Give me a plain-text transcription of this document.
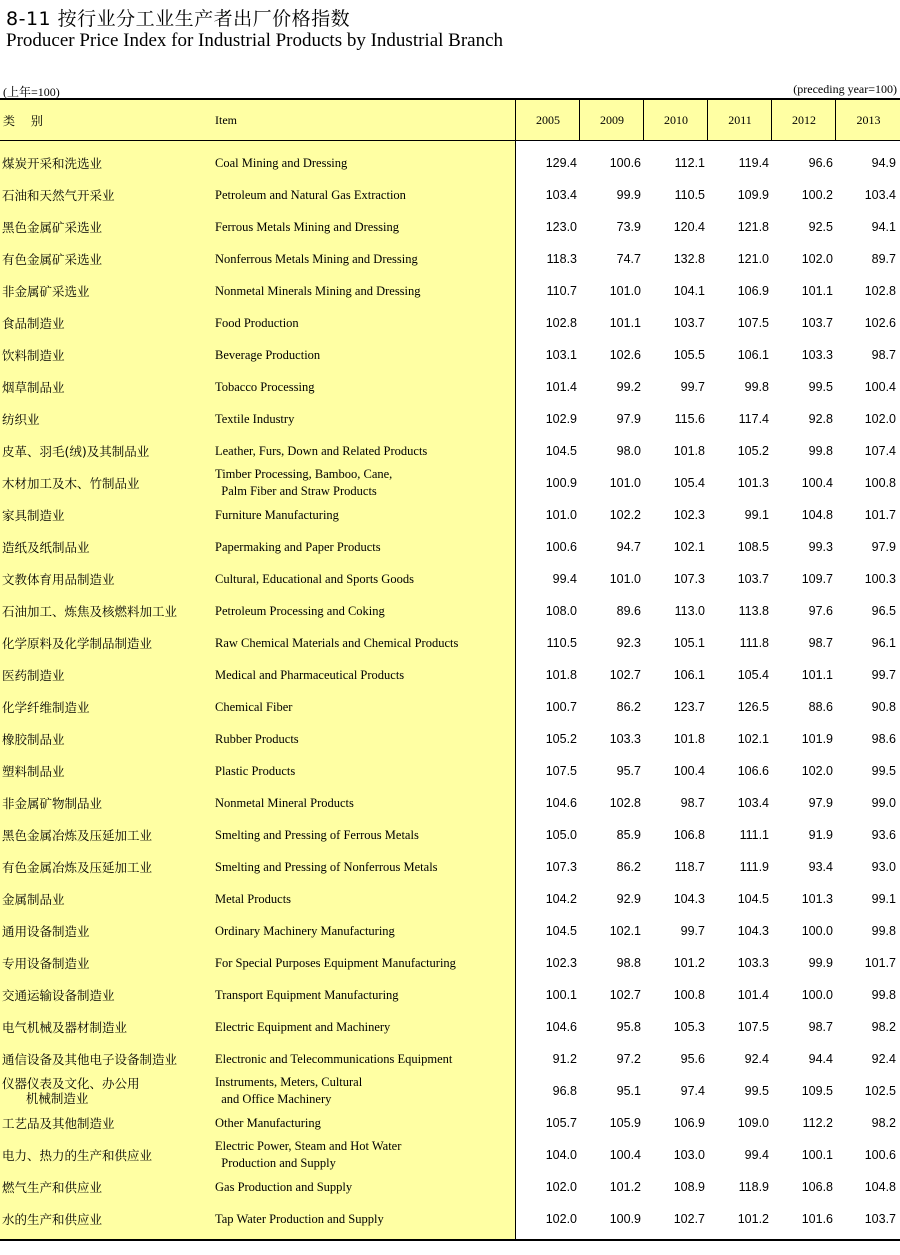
8-11 按行业分工业生产者出厂价格指数
Producer Price Index for Industrial Products by Industrial Branch
(上年=100)	(preceding year=100)
类 别	Item	2005	2009	2010	2011	2012	2013
煤炭开采和洗选业	Coal Mining and Dressing	129.4	100.6	112.1	119.4	96.6	94.9
石油和天然气开采业	Petroleum and Natural Gas Extraction	103.4	99.9	110.5	109.9	100.2	103.4
黑色金属矿采选业	Ferrous Metals Mining and Dressing	123.0	73.9	120.4	121.8	92.5	94.1
有色金属矿采选业	Nonferrous Metals Mining and Dressing	118.3	74.7	132.8	121.0	102.0	89.7
非金属矿采选业	Nonmetal Minerals Mining and Dressing	110.7	101.0	104.1	106.9	101.1	102.8
食品制造业	Food Production	102.8	101.1	103.7	107.5	103.7	102.6
饮料制造业	Beverage Production	103.1	102.6	105.5	106.1	103.3	98.7
烟草制品业	Tobacco Processing	101.4	99.2	99.7	99.8	99.5	100.4
纺织业	Textile Industry	102.9	97.9	115.6	117.4	92.8	102.0
皮革、羽毛(绒)及其制品业	Leather, Furs, Down and Related Products	104.5	98.0	101.8	105.2	99.8	107.4
木材加工及木、竹制品业
Timber Processing, Bamboo, Cane,
Palm Fiber and Straw Products
100.9	101.0	105.4	101.3	100.4	100.8
家具制造业	Furniture Manufacturing	101.0	102.2	102.3	99.1	104.8	101.7
造纸及纸制品业	Papermaking and Paper Products	100.6	94.7	102.1	108.5	99.3	97.9
文教体育用品制造业	Cultural, Educational and Sports Goods	99.4	101.0	107.3	103.7	109.7	100.3
石油加工、炼焦及核燃料加工业	Petroleum Processing and Coking	108.0	89.6	113.0	113.8	97.6	96.5
化学原料及化学制品制造业	Raw Chemical Materials and Chemical Products	110.5	92.3	105.1	111.8	98.7	96.1
医药制造业	Medical and Pharmaceutical Products	101.8	102.7	106.1	105.4	101.1	99.7
化学纤维制造业	Chemical Fiber	100.7	86.2	123.7	126.5	88.6	90.8
橡胶制品业	Rubber Products	105.2	103.3	101.8	102.1	101.9	98.6
塑料制品业	Plastic Products	107.5	95.7	100.4	106.6	102.0	99.5
非金属矿物制品业	Nonmetal Mineral Products	104.6	102.8	98.7	103.4	97.9	99.0
黑色金属冶炼及压延加工业	Smelting and Pressing of Ferrous Metals	105.0	85.9	106.8	111.1	91.9	93.6
有色金属冶炼及压延加工业	Smelting and Pressing of Nonferrous Metals	107.3	86.2	118.7	111.9	93.4	93.0
金属制品业	Metal Products	104.2	92.9	104.3	104.5	101.3	99.1
通用设备制造业	Ordinary Machinery Manufacturing	104.5	102.1	99.7	104.3	100.0	99.8
专用设备制造业	For Special Purposes Equipment Manufacturing	102.3	98.8	101.2	103.3	99.9	101.7
交通运输设备制造业	Transport Equipment Manufacturing	100.1	102.7	100.8	101.4	100.0	99.8
电气机械及器材制造业	Electric Equipment and Machinery	104.6	95.8	105.3	107.5	98.7	98.2
通信设备及其他电子设备制造业	Electronic and Telecommunications Equipment	91.2	97.2	95.6	92.4	94.4	92.4
仪器仪表及文化、办公用
机械制造业
Instruments, Meters, Cultural
and Office Machinery
96.8	95.1	97.4	99.5	109.5	102.5
工艺品及其他制造业	Other Manufacturing	105.7	105.9	106.9	109.0	112.2	98.2
电力、热力的生产和供应业
Electric Power, Steam and Hot Water
Production and Supply
104.0	100.4	103.0	99.4	100.1	100.6
燃气生产和供应业	Gas Production and Supply	102.0	101.2	108.9	118.9	106.8	104.8
水的生产和供应业	Tap Water Production and Supply	102.0	100.9	102.7	101.2	101.6	103.7
